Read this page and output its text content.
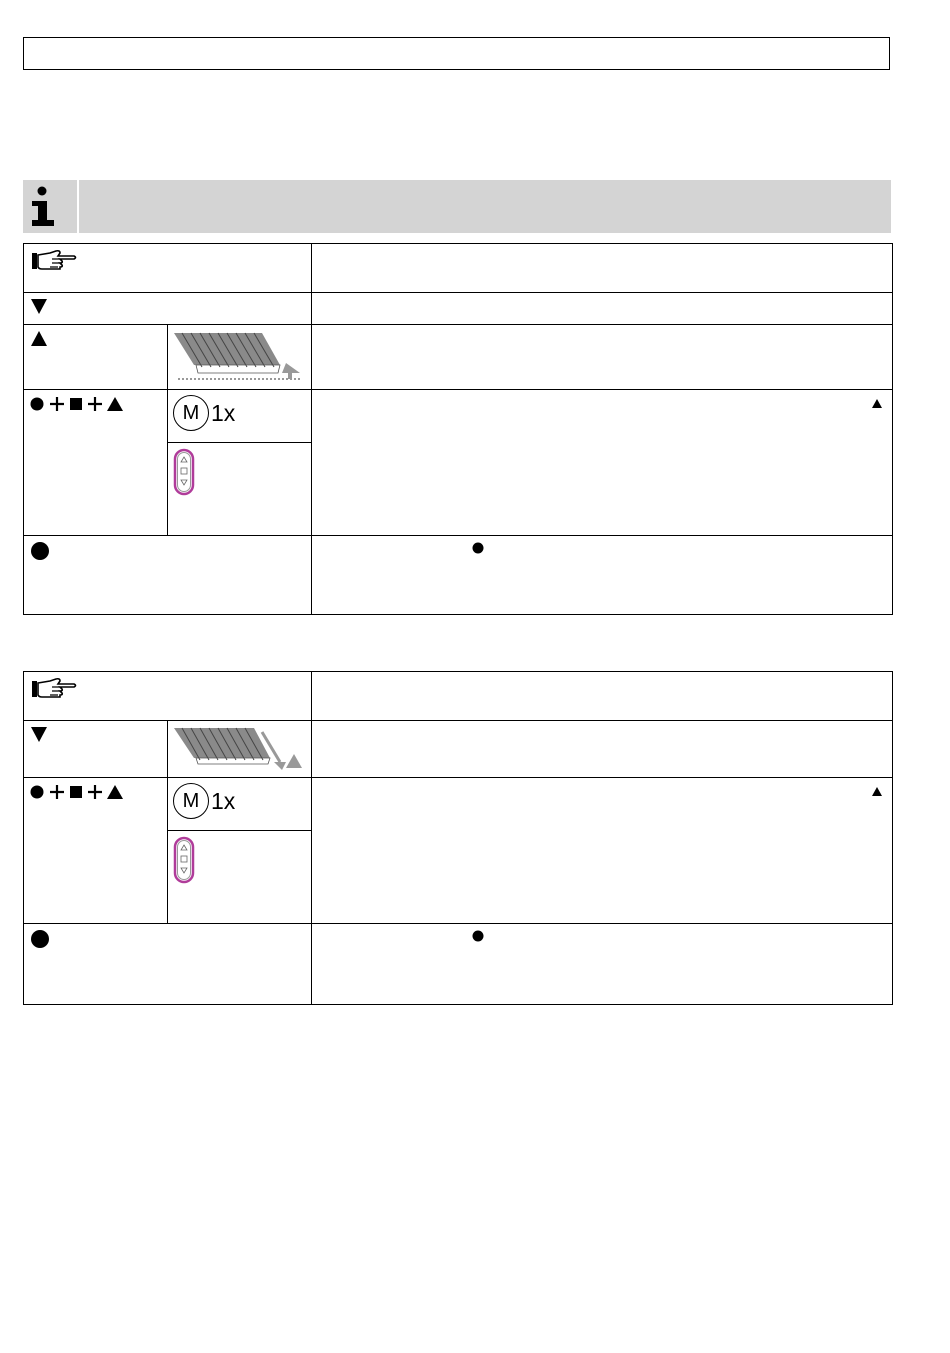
M 1x

M 1x
